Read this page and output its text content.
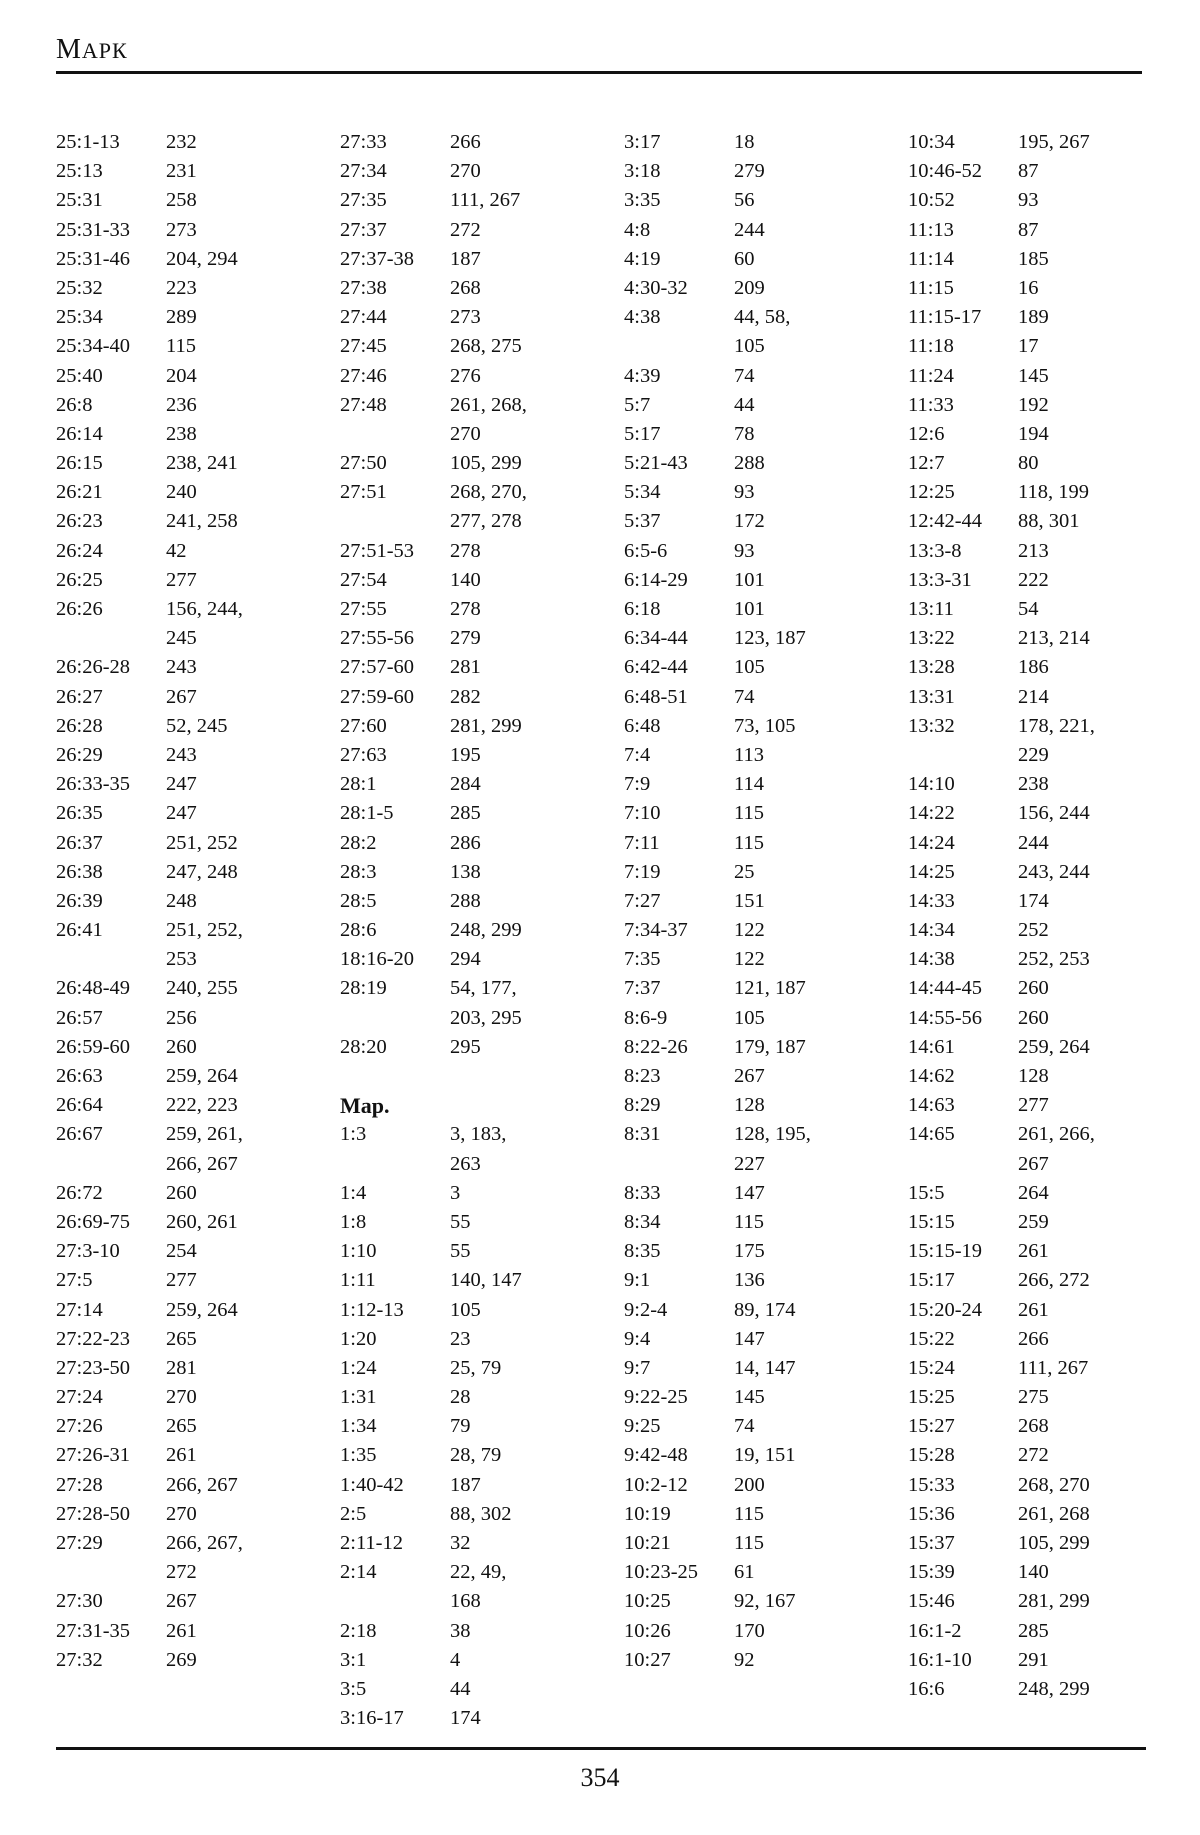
MАРК
25:1-13	232
25:13	231
25:31	258
25:31-33	273
25:31-46	204, 294
25:32	223
25:34	289
25:34-40	115
25:40	204
26:8	236
26:14	238
26:15	238, 241
26:21	240
26:23	241, 258
26:24	42
26:25	277
26:26	156, 244,
245
26:26-28	243
26:27	267
26:28	52, 245
26:29	243
26:33-35	247
26:35	247
26:37	251, 252
26:38	247, 248
26:39	248
26:41	251, 252,
253
26:48-49	240, 255
26:57	256
26:59-60	260
26:63	259, 264
26:64	222, 223
26:67	259, 261,
266, 267
26:72	260
26:69-75	260, 261
27:3-10	254
27:5	277
27:14	259, 264
27:22-23	265
27:23-50	281
27:24	270
27:26	265
27:26-31	261
27:28	266, 267
27:28-50	270
27:29	266, 267,
272
27:30	267
27:31-35	261
27:32	269
27:33	266
27:34	270
27:35	111, 267
27:37	272
27:37-38	187
27:38	268
27:44	273
27:45	268, 275
27:46	276
27:48	261, 268,
270
27:50	105, 299
27:51	268, 270,
277, 278
27:51-53	278
27:54	140
27:55	278
27:55-56	279
27:57-60	281
27:59-60	282
27:60	281, 299
27:63	195
28:1	284
28:1-5	285
28:2	286
28:3	138
28:5	288
28:6	248, 299
18:16-20	294
28:19	54, 177,
203, 295
28:20	295
Мар.
1:3	3, 183,
263
1:4	3
1:8	55
1:10	55
1:11	140, 147
1:12-13	105
1:20	23
1:24	25, 79
1:31	28
1:34	79
1:35	28, 79
1:40-42	187
2:5	88, 302
2:11-12	32
2:14	22, 49,
168
2:18	38
3:1	4
3:5	44
3:16-17	174
3:17	18
3:18	279
3:35	56
4:8	244
4:19	60
4:30-32	209
4:38	44, 58,
105
4:39	74
5:7	44
5:17	78
5:21-43	288
5:34	93
5:37	172
6:5-6	93
6:14-29	101
6:18	101
6:34-44	123, 187
6:42-44	105
6:48-51	74
6:48	73, 105
7:4	113
7:9	114
7:10	115
7:11	115
7:19	25
7:27	151
7:34-37	122
7:35	122
7:37	121, 187
8:6-9	105
8:22-26	179, 187
8:23	267
8:29	128
8:31	128, 195,
227
8:33	147
8:34	115
8:35	175
9:1	136
9:2-4	89, 174
9:4	147
9:7	14, 147
9:22-25	145
9:25	74
9:42-48	19, 151
10:2-12	200
10:19	115
10:21	115
10:23-25	61
10:25	92, 167
10:26	170
10:27	92
10:34	195, 267
10:46-52	87
10:52	93
11:13	87
11:14	185
11:15	16
11:15-17	189
11:18	17
11:24	145
11:33	192
12:6	194
12:7	80
12:25	118, 199
12:42-44	88, 301
13:3-8	213
13:3-31	222
13:11	54
13:22	213, 214
13:28	186
13:31	214
13:32	178, 221,
229
14:10	238
14:22	156, 244
14:24	244
14:25	243, 244
14:33	174
14:34	252
14:38	252, 253
14:44-45	260
14:55-56	260
14:61	259, 264
14:62	128
14:63	277
14:65	261, 266,
267
15:5	264
15:15	259
15:15-19	261
15:17	266, 272
15:20-24	261
15:22	266
15:24	111, 267
15:25	275
15:27	268
15:28	272
15:33	268, 270
15:36	261, 268
15:37	105, 299
15:39	140
15:46	281, 299
16:1-2	285
16:1-10	291
16:6	248, 299
354
